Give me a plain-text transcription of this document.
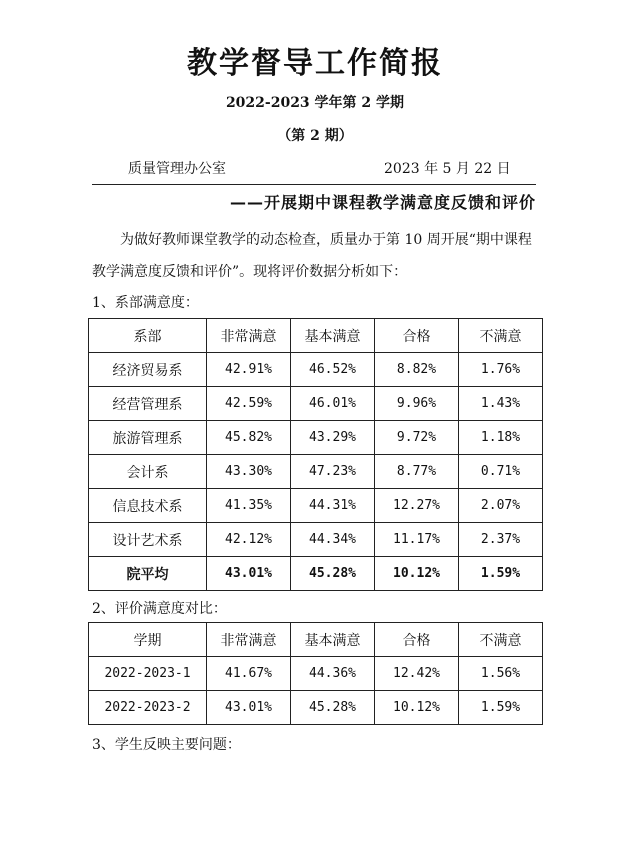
教学督导工作简报
2022-2023 学年第 2 学期
（第 2 期）
质量管理办公室	2023 年 5 月 22 日
——开展期中课程教学满意度反馈和评价
为做好教师课堂教学的动态检查，质量办于第 10 周开展“期中课程教学满意度反馈和评价”。现将评价数据分析如下：
1、系部满意度：
系部	非常满意	基本满意	合格	不满意
经济贸易系	42.91%	46.52%	8.82%	1.76%
经营管理系	42.59%	46.01%	9.96%	1.43%
旅游管理系	45.82%	43.29%	9.72%	1.18%
会计系	43.30%	47.23%	8.77%	0.71%
信息技术系	41.35%	44.31%	12.27%	2.07%
设计艺术系	42.12%	44.34%	11.17%	2.37%
院平均	43.01%	45.28%	10.12%	1.59%
2、评价满意度对比：
学期	非常满意	基本满意	合格	不满意
2022-2023-1	41.67%	44.36%	12.42%	1.56%
2022-2023-2	43.01%	45.28%	10.12%	1.59%
3、学生反映主要问题：
